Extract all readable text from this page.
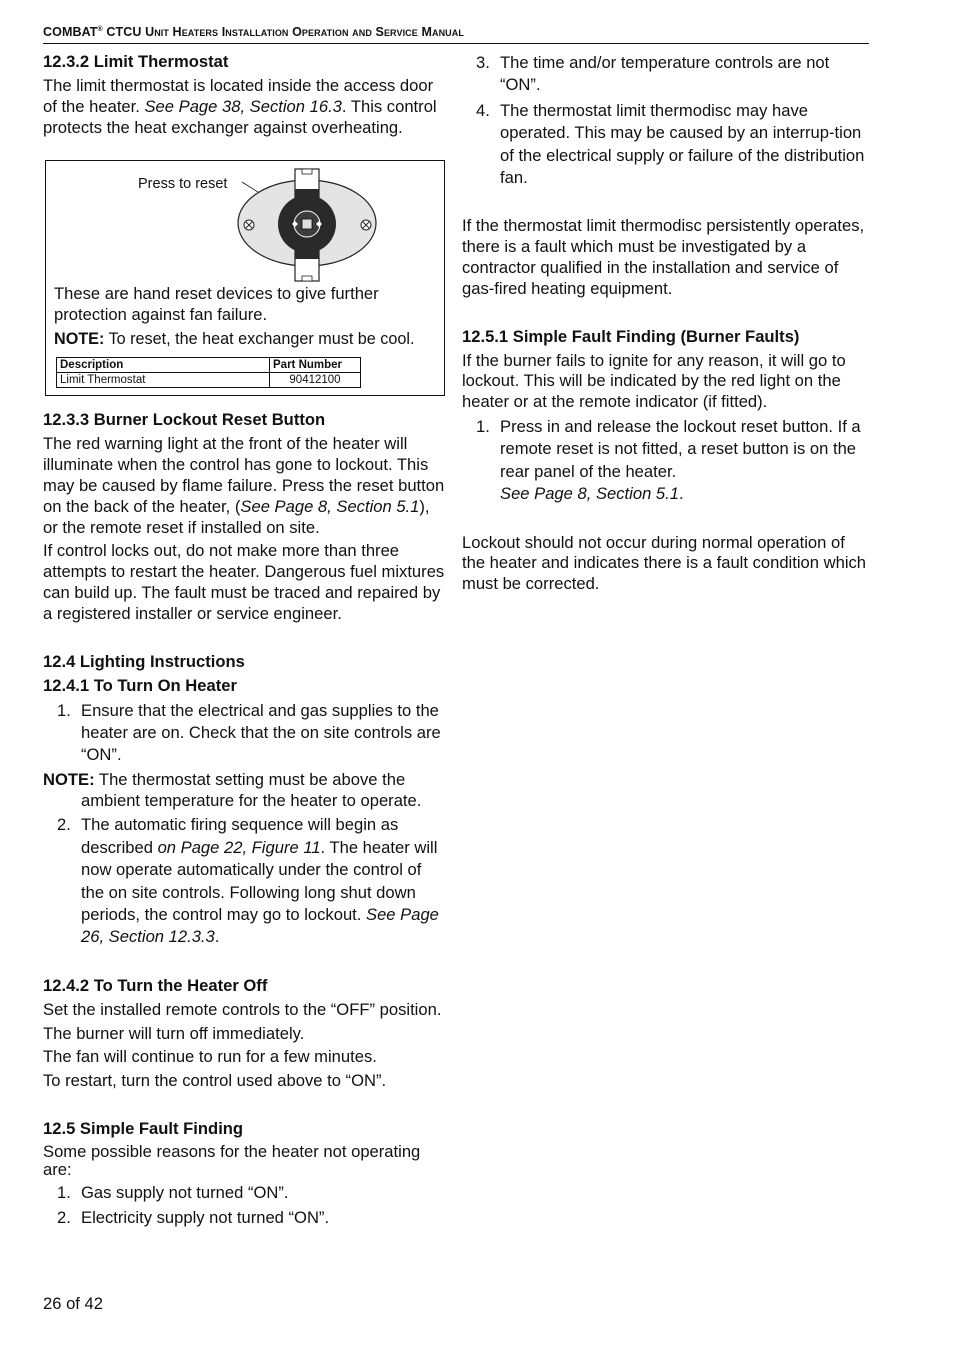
COMBAT® CTCU Unit Heaters Installation Operation and Service Manual
12.3.2 Limit Thermostat

The limit thermostat is located inside the access door of the heater. See Page 38, Section 16.3. This control protects the heat exchanger against overheating.

Press to reset
These are hand reset devices to give further protection against fan failure.
NOTE: To reset, the heat exchanger must be cool.
Description	Part Number
Limit Thermostat	90412100
12.3.3 Burner Lockout Reset Button

The red warning light at the front of the heater will illuminate when the control has gone to lockout. This may be caused by flame failure. Press the reset button on the back of the heater, (See Page 8, Section 5.1), or the remote reset if installed on site.

If control locks out, do not make more than three attempts to restart the heater. Dangerous fuel mixtures can build up. The fault must be traced and repaired by a registered installer or service engineer.

12.4 Lighting Instructions
12.4.1 To Turn On Heater
1. Ensure that the electrical and gas supplies to the heater are on. Check that the on site controls are “ON”.

NOTE: The thermostat setting must be above the ambient temperature for the heater to operate.

2. The automatic firing sequence will begin as described on Page 22, Figure 11. The heater will now operate automatically under the control of the on site controls. Following long shut down periods, the control may go to lockout. See Page 26, Section 12.3.3.
12.4.2 To Turn the Heater Off

Set the installed remote controls to the “OFF” position.

The burner will turn off immediately.

The fan will continue to run for a few minutes.

To restart, turn the control used above to “ON”.

12.5 Simple Fault Finding

Some possible reasons for the heater not operating are:

1. Gas supply not turned “ON”.
2. Electricity supply not turned “ON”.
3. The time and/or temperature controls are not “ON”.
4. The thermostat limit thermodisc may have operated. This may be caused by an interrup-tion of the electrical supply or failure of the distribution fan.

If the thermostat limit thermodisc persistently operates, there is a fault which must be investigated by a contractor qualified in the installation and service of gas-fired heating equipment.

12.5.1 Simple Fault Finding (Burner Faults)

If the burner fails to ignite for any reason, it will go to lockout. This will be indicated by the red light on the heater or at the remote indicator (if fitted).

1. Press in and release the lockout reset button. If a remote reset is not fitted, a reset button is on the rear panel of the heater.
See Page 8, Section 5.1.

Lockout should not occur during normal operation of the heater and indicates there is a fault condition which must be corrected.

26 of 42
